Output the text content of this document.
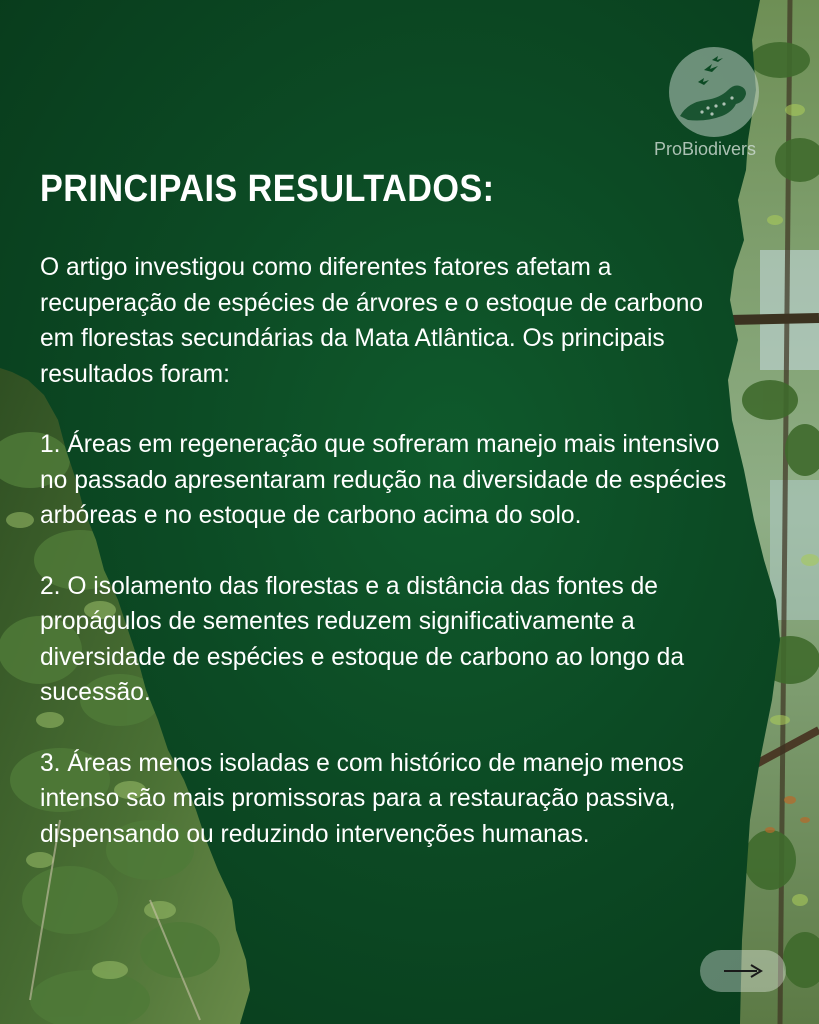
ProBiodivers
PRINCIPAIS RESULTADOS:

O artigo investigou como diferentes fatores afetam a recuperação de espécies de árvores e o estoque de carbono em florestas secundárias da Mata Atlântica. Os principais resultados foram:

1. Áreas em regeneração que sofreram manejo mais intensivo no passado apresentaram redução na diversidade de espécies arbóreas e no estoque de carbono acima do solo.

2. O isolamento das florestas e a distância das fontes de propágulos de sementes reduzem significativamente a diversidade de espécies e estoque de carbono ao longo da sucessão.

3. Áreas menos isoladas e com histórico de manejo menos intenso são mais promissoras para a restauração passiva, dispensando ou reduzindo intervenções humanas.
